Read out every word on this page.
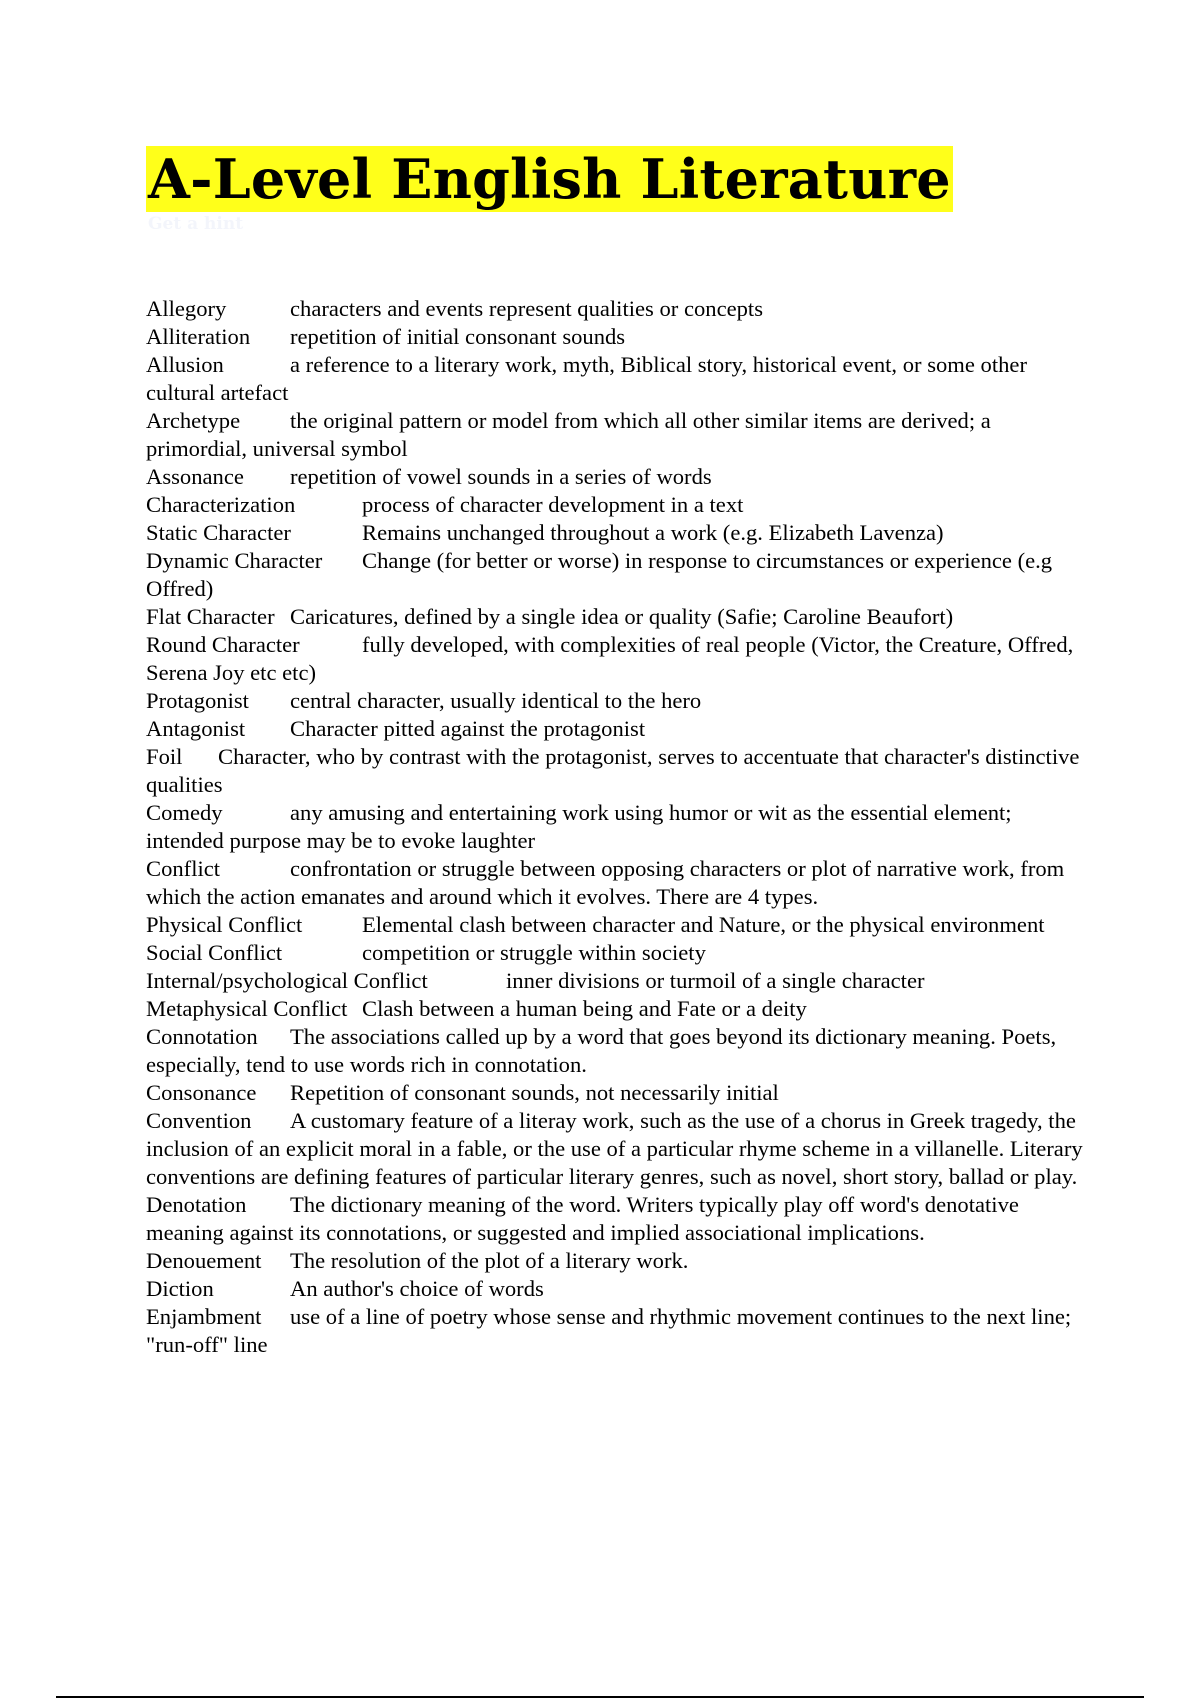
A-Level English Literature
Get a hint

Allegory	characters and events represent qualities or concepts

Alliteration repetition of initial consonant sounds

Allusion	a reference to a literary work, myth, Biblical story, historical event, or some other cultural artefact

Archetype the original pattern or model from which all other similar items are derived; a primordial, universal symbol

Assonance repetition of vowel sounds in a series of words

Characterization	process of character development in a text

Static Character	Remains unchanged throughout a work (e.g. Elizabeth Lavenza)

Dynamic Character Change (for better or worse) in response to circumstances or experience (e.g Offred)

Flat Character Caricatures, defined by a single idea or quality (Safie; Caroline Beaufort)

Round Character	fully developed, with complexities of real people (Victor, the Creature, Offred, Serena Joy etc etc)

Protagonist central character, usually identical to the hero

Antagonist Character pitted against the protagonist

Foil Character, who by contrast with the protagonist, serves to accentuate that character's distinctive qualities

Comedy	any amusing and entertaining work using humor or wit as the essential element; intended purpose may be to evoke laughter

Conflict	confrontation or struggle between opposing characters or plot of narrative work, from which the action emanates and around which it evolves. There are 4 types.

Physical Conflict	Elemental clash between character and Nature, or the physical environment

Social Conflict	competition or struggle within society

Internal/psychological Conflict	inner divisions or turmoil of a single character

Metaphysical Conflict Clash between a human being and Fate or a deity

Connotation The associations called up by a word that goes beyond its dictionary meaning. Poets, especially, tend to use words rich in connotation.

Consonance Repetition of consonant sounds, not necessarily initial

Convention A customary feature of a literay work, such as the use of a chorus in Greek tragedy, the inclusion of an explicit moral in a fable, or the use of a particular rhyme scheme in a villanelle. Literary conventions are defining features of particular literary genres, such as novel, short story, ballad or play.

Denotation The dictionary meaning of the word. Writers typically play off word's denotative meaning against its connotations, or suggested and implied associational implications.

Denouement The resolution of the plot of a literary work.

Diction	An author's choice of words

Enjambment use of a line of poetry whose sense and rhythmic movement continues to the next line; "run-off" line
